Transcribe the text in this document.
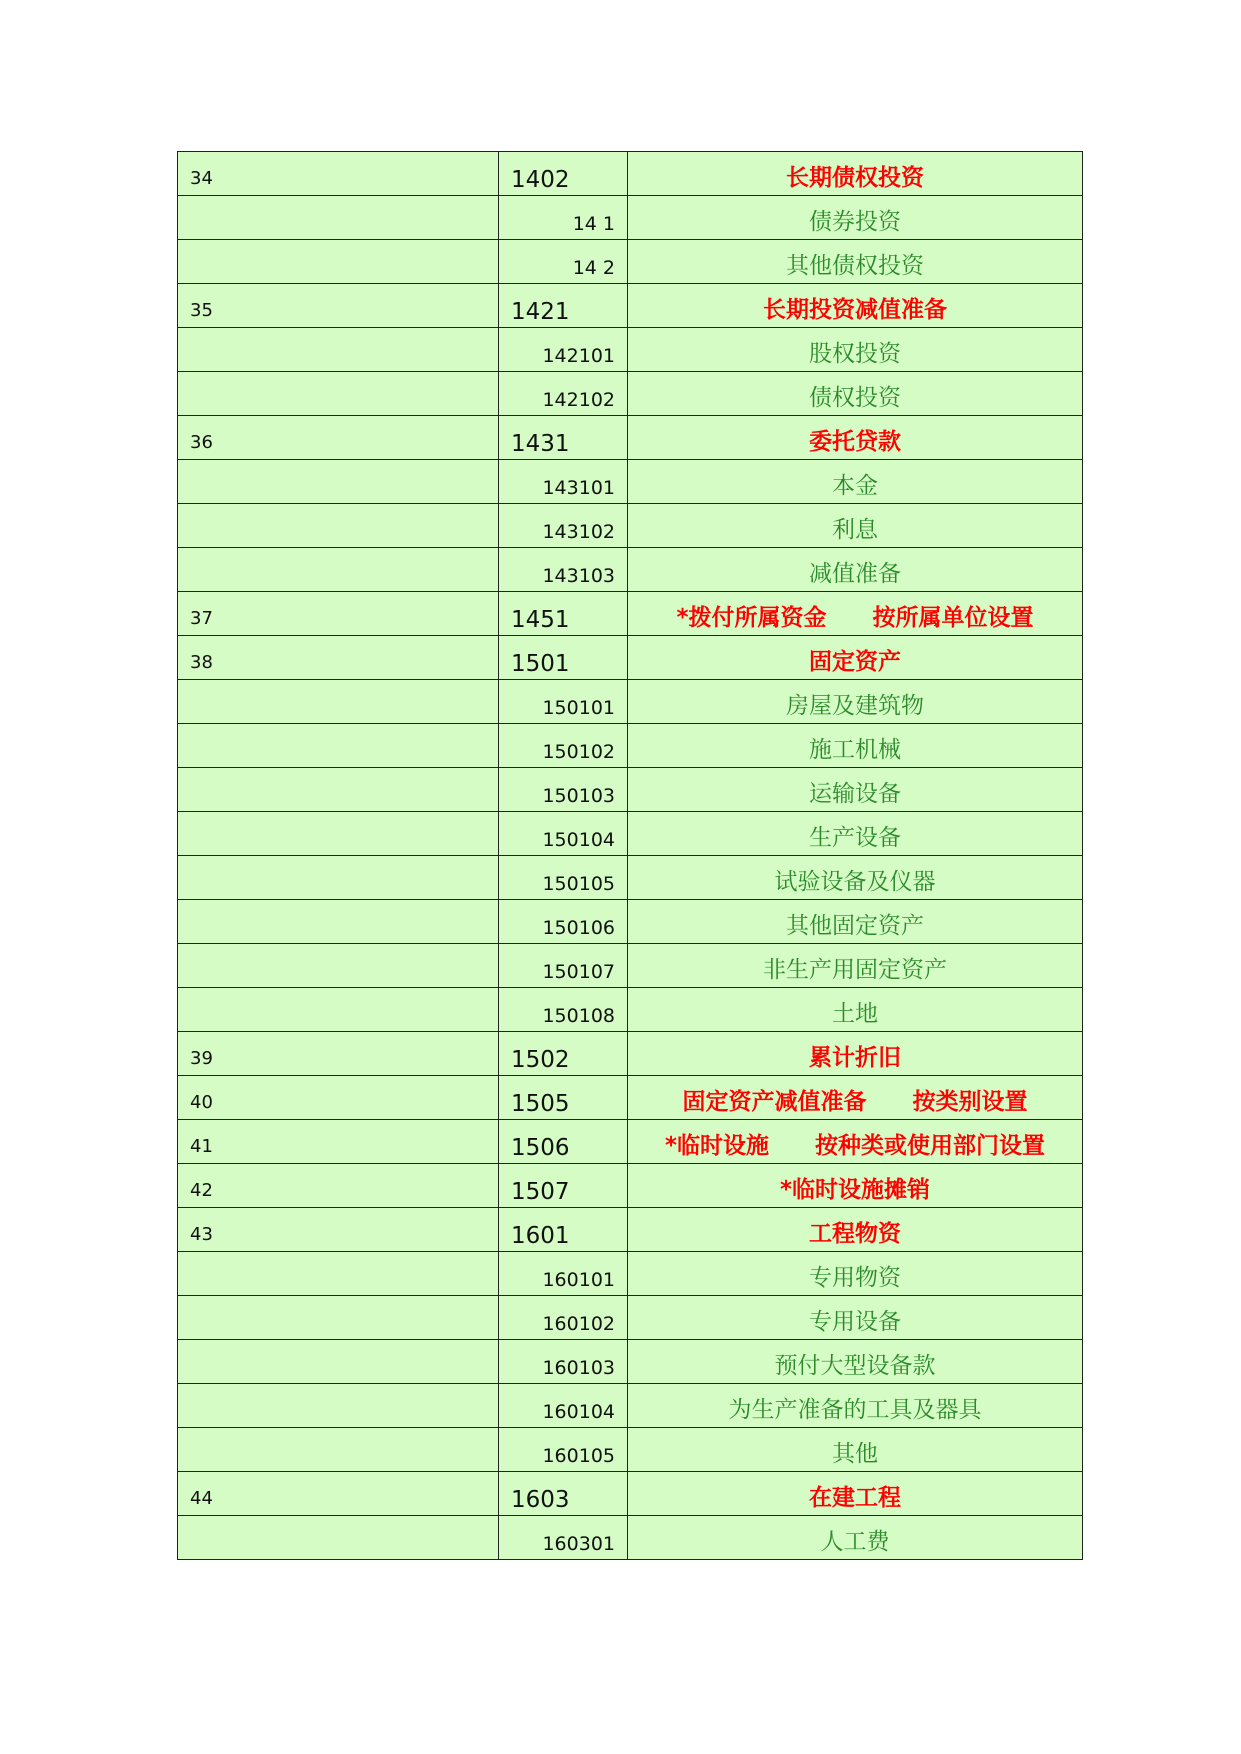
34	1402	长期债权投资
	14 1	债券投资
	14 2	其他债权投资
35	1421	长期投资减值准备
	142101	股权投资
	142102	债权投资
36	1431	委托贷款
	143101	本金
	143102	利息
	143103	减值准备
37	1451	*拨付所属资金 按所属单位设置
38	1501	固定资产
	150101	房屋及建筑物
	150102	施工机械
	150103	运输设备
	150104	生产设备
	150105	试验设备及仪器
	150106	其他固定资产
	150107	非生产用固定资产
	150108	土地
39	1502	累计折旧
40	1505	固定资产减值准备 按类别设置
41	1506	*临时设施 按种类或使用部门设置
42	1507	*临时设施摊销
43	1601	工程物资
	160101	专用物资
	160102	专用设备
	160103	预付大型设备款
	160104	为生产准备的工具及器具
	160105	其他
44	1603	在建工程
	160301	人工费
